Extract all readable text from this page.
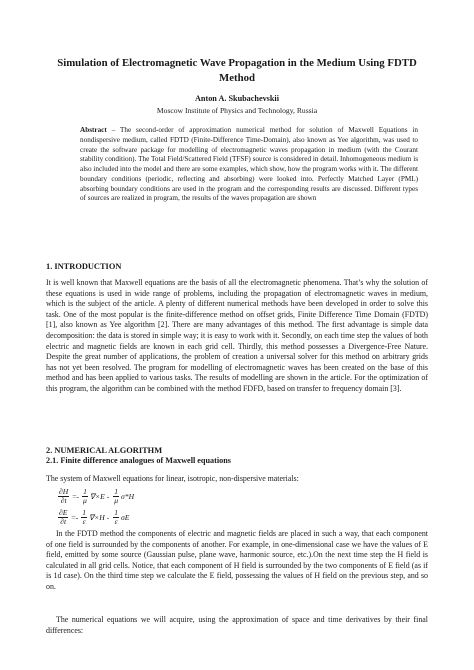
Simulation of Electromagnetic Wave Propagation in the Medium Using FDTD Method
Anton A. Skubachevskii
Moscow Institute of Physics and Technology, Russia
Abstract – The second-order of approximation numerical method for solution of Maxwell Equations in nondispersive medium, called FDTD (Finite-Difference Time-Domain), also known as Yee algorithm, was used to create the software package for modelling of electromagnetic waves propagation in medium (with the Courant stability condition). The Total Field/Scattered Field (TFSF) source is considered in detail. Inhomogeneous medium is also included into the model and there are some examples, which show, how the program works with it. The different boundary conditions (periodic, reflecting and absorbing) were looked into. Perfectly Matched Layer (PML) absorbing boundary conditions are used in the program and the corresponding results are discussed. Different types of sources are realized in program, the results of the waves propagation are shown
1. INTRODUCTION
It is well known that Maxwell equations are the basis of all the electromagnetic phenomena. That’s why the solution of these equations is used in wide range of problems, including the propagation of electromagnetic waves in medium, which is the subject of the article. A plenty of different numerical methods have been developed in order to solve this task. One of the most popular is the finite-difference method on offset grids, Finite Difference Time Domain (FDTD) [1], also known as Yee algorithm [2]. There are many advantages of this method. The first advantage is simple data decomposition: the data is stored in simple way; it is easy to work with it. Secondly, on each time step the values of both electric and magnetic fields are known in each grid cell. Thirdly, this method possesses a Divergence-Free Nature. Despite the great number of applications, the problem of creation a universal solver for this method on arbitrary grids has not yet been resolved. The program for modelling of electromagnetic waves has been created on the base of this method and has been applied to various tasks. The results of modelling are shown in the article. For the optimization of this program, the algorithm can be combined with the method FDFD, based on transfer to frequency domain [3].
2. NUMERICAL ALGORITHM
2.1. Finite difference analogues of Maxwell equations
The system of Maxwell equations for linear, isotropic, non-dispersive materials:
$\frac{\partial H}{\partial t} =- \frac{1}{\mu} \nabla\times E - \frac{1}{\mu} \sigma*H$
$\frac{\partial E}{\partial t} =- \frac{1}{\varepsilon} \nabla\times H - \frac{1}{\varepsilon}$ σE
In the FDTD method the components of electric and magnetic fields are placed in such a way, that each component of one field is surrounded by the components of another. For example, in one-dimensional case we have the values of E field, emitted by some source (Gaussian pulse, plane wave, harmonic source, etc.).On the next time step the H field is calculated in all grid cells. Notice, that each component of H field is surrounded by the two components of E field (as if is 1d case). On the third time step we calculate the E field, possessing the values of H field on the previous step, and so on.
The numerical equations we will acquire, using the approximation of space and time derivatives by their final differences:
